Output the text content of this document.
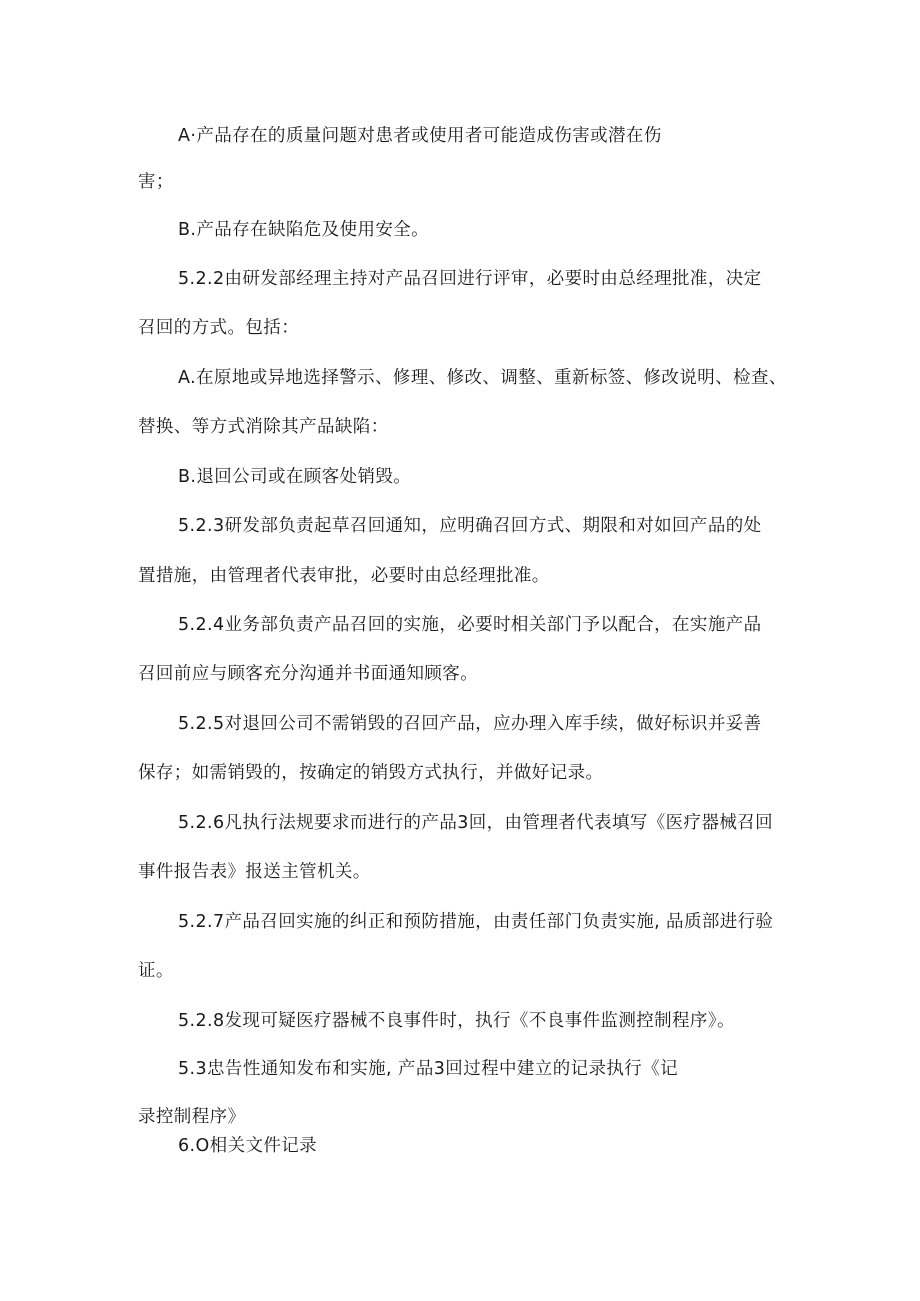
A·产品存在的质量问题对患者或使用者可能造成伤害或潜在伤
害；
B.产品存在缺陷危及使用安全。
5.2.2由研发部经理主持对产品召回进行评审，必要时由总经理批准，决定
召回的方式。包括：
A.在原地或异地选择警示、修理、修改、调整、重新标签、修改说明、检查、
替换、等方式消除其产品缺陷：
B.退回公司或在顾客处销毁。
5.2.3研发部负责起草召回通知，应明确召回方式、期限和对如回产品的处
置措施，由管理者代表审批，必要时由总经理批准。
5.2.4业务部负责产品召回的实施，必要时相关部门予以配合，在实施产品
召回前应与顾客充分沟通并书面通知顾客。
5.2.5对退回公司不需销毁的召回产品，应办理入库手续，做好标识并妥善
保存；如需销毁的，按确定的销毁方式执行，并做好记录。
5.2.6凡执行法规要求而进行的产品3回，由管理者代表填写《医疗器械召回
事件报告表》报送主管机关。
5.2.7产品召回实施的纠正和预防措施，由责任部门负责实施, 品质部进行验
证。
5.2.8发现可疑医疗器械不良事件时，执行《不良事件监测控制程序》。
5.3忠告性通知发布和实施, 产品3回过程中建立的记录执行《记
录控制程序》
6.O相关文件记录
